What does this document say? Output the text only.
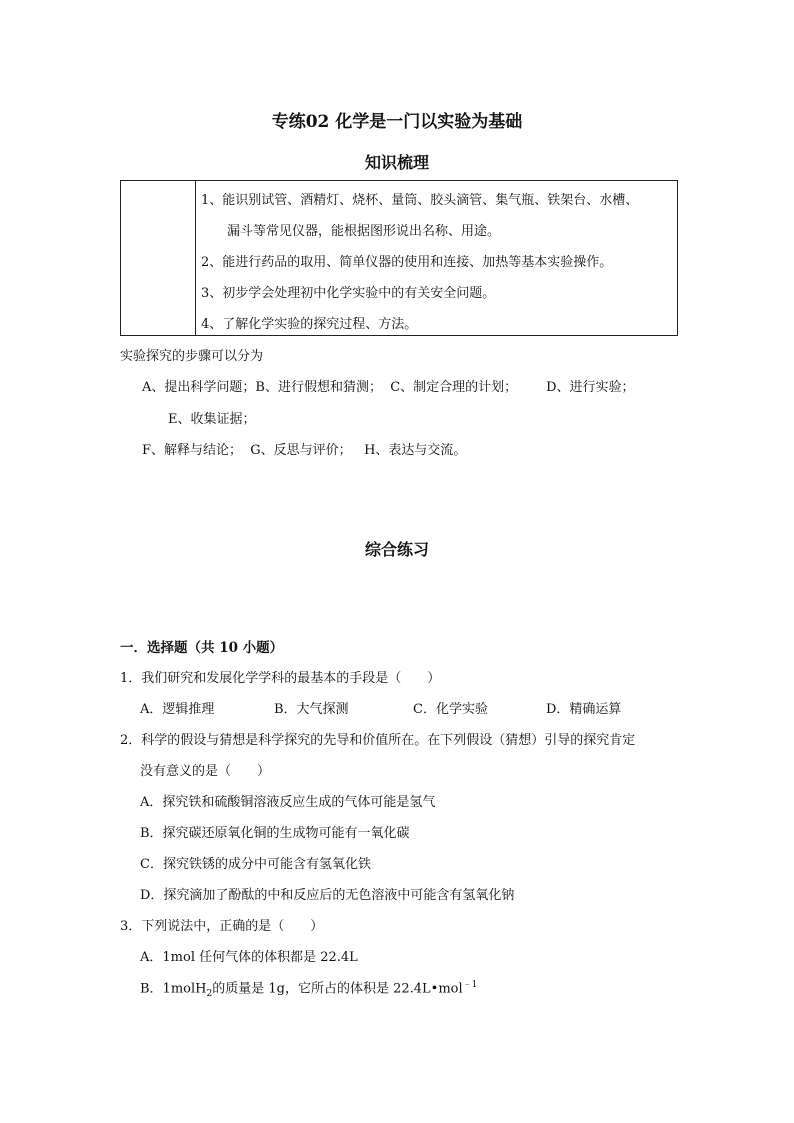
专练02 化学是一门以实验为基础
知识梳理
1、能识别试管、酒精灯、烧杯、量筒、胶头滴管、集气瓶、铁架台、水槽、
漏斗等常见仪器，能根据图形说出名称、用途。
2、能进行药品的取用、简单仪器的使用和连接、加热等基本实验操作。
3、初步学会处理初中化学实验中的有关安全问题。
4、了解化学实验的探究过程、方法。
实验探究的步骤可以分为
A、提出科学问题；B、进行假想和猜测；  C、制定合理的计划；       D、进行实验；
E、收集证据；
F、解释与结论；  G、反思与评价；   H、表达与交流。
综合练习
一．选择题（共 10 小题）
1．我们研究和发展化学学科的最基本的手段是（　　）
A．逻辑推理	B．大气探测	C．化学实验	D．精确运算
2．科学的假设与猜想是科学探究的先导和价值所在。在下列假设（猜想）引导的探究肯定
没有意义的是（　　）
A．探究铁和硫酸铜溶液反应生成的气体可能是氢气
B．探究碳还原氧化铜的生成物可能有一氧化碳
C．探究铁锈的成分中可能含有氢氧化铁
D．探究滴加了酚酞的中和反应后的无色溶液中可能含有氢氧化钠
3．下列说法中，正确的是（　　）
A．1mol 任何气体的体积都是 22.4L
B．1molH$_2$的质量是 1g，它所占的体积是 22.4L•mol$^{﹣1}$
